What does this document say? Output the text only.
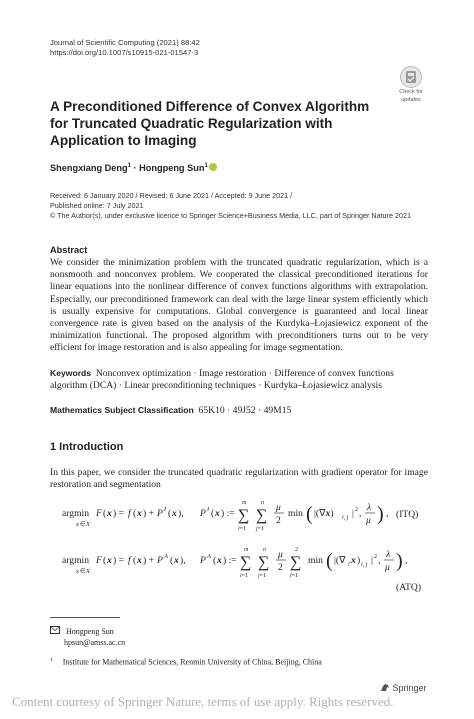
Journal of Scientific Computing (2021) 88:42
https://doi.org/10.1007/s10915-021-01547-3
Check for
updates
A Preconditioned Difference of Convex Algorithm for Truncated Quadratic Regularization with Application to Imaging
Shengxiang Deng$^1$ · Hongpeng Sun$^1$
Received: 6 January 2020 / Revised: 6 June 2021 / Accepted: 9 June 2021 /
Published online: 7 July 2021
© The Author(s), under exclusive licence to Springer Science+Business Media, LLC, part of Springer Nature 2021
Abstract
We consider the minimization problem with the truncated quadratic regularization, which is a nonsmooth and nonconvex problem. We cooperated the classical preconditioned iterations for linear equations into the nonlinear difference of convex functions algorithms with extrapolation. Especially, our preconditioned framework can deal with the large linear system efficiently which is usually expensive for computations. Global convergence is guaranteed and local linear convergence rate is given based on the analysis of the Kurdyka–Łojasiewicz exponent of the minimization functional. The proposed algorithm with preconditioners turns out to be very efficient for image restoration and is also appealing for image segmentation.
Keywords Nonconvex optimization · Image restoration · Difference of convex functions algorithm (DCA) · Linear preconditioning techniques · Kurdyka–Łojasiewicz analysis
Mathematics Subject Classification 65K10 · 49J52 · 49M15
1 Introduction
In this paper, we consider the truncated quadratic regularization with gradient operator for image restoration and segmentation
argmin
x ∈ X
F ( x ) = f ( x ) + P I ( x ), P I ( x ) :=
m
∑
i=1
n
∑
j=1
μ
2
min ( |(∇x) i, j | 2 ,
λ
μ ) , (ITQ)
argmin
x ∈ X
F ( x ) = f ( x ) + P A ( x ), P A ( x ) :=
m
∑
i=1
n
∑
j=1
μ
2
2
∑
l=1
min ( |(∇ l x ) i, j | 2 ,
λ
μ ) ,
(ATQ)
Hongpeng Sun
hpsun@amss.ac.cn
$^1$ Institute for Mathematical Sciences, Renmin University of China, Beijing, China
Springer
Content courtesy of Springer Nature, terms of use apply. Rights reserved.
